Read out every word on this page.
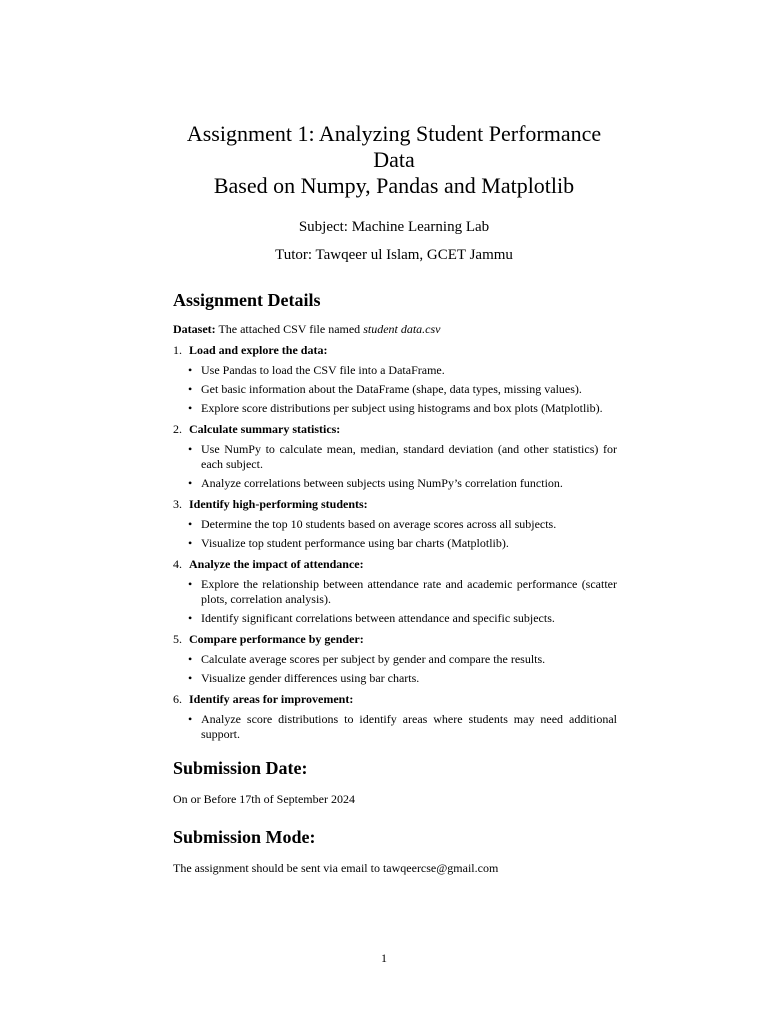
Assignment 1: Analyzing Student Performance
Data
Based on Numpy, Pandas and Matplotlib

Subject: Machine Learning Lab

Tutor: Tawqeer ul Islam, GCET Jammu

Assignment Details

Dataset: The attached CSV file named student data.csv

1. Load and explore the data:
• Use Pandas to load the CSV file into a DataFrame.
• Get basic information about the DataFrame (shape, data types, missing values).
• Explore score distributions per subject using histograms and box plots (Matplotlib).
2. Calculate summary statistics:
• Use NumPy to calculate mean, median, standard deviation (and other statistics) for each subject.
• Analyze correlations between subjects using NumPy’s correlation function.
3. Identify high-performing students:
• Determine the top 10 students based on average scores across all subjects.
• Visualize top student performance using bar charts (Matplotlib).
4. Analyze the impact of attendance:
• Explore the relationship between attendance rate and academic performance (scatter plots, correlation analysis).
• Identify significant correlations between attendance and specific subjects.
5. Compare performance by gender:
• Calculate average scores per subject by gender and compare the results.
• Visualize gender differences using bar charts.
6. Identify areas for improvement:
• Analyze score distributions to identify areas where students may need additional support.
Submission Date:

On or Before 17th of September 2024

Submission Mode:

The assignment should be sent via email to tawqeercse@gmail.com

1
